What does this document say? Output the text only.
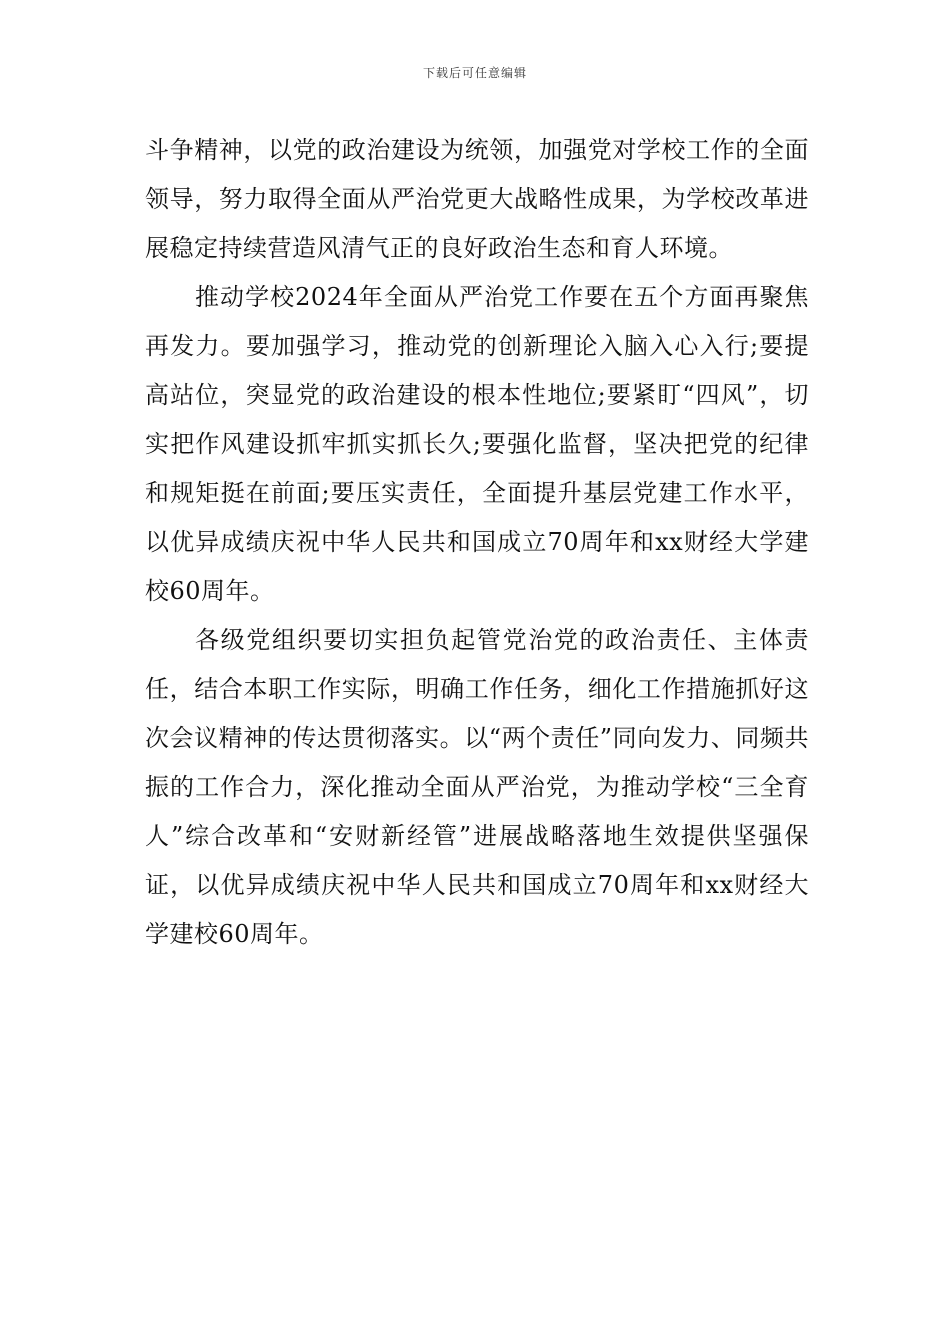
下载后可任意编辑

斗争精神，以党的政治建设为统领，加强党对学校工作的全面领导，努力取得全面从严治党更大战略性成果，为学校改革进展稳定持续营造风清气正的良好政治生态和育人环境。

推动学校2024年全面从严治党工作要在五个方面再聚焦再发力。要加强学习，推动党的创新理论入脑入心入行;要提高站位，突显党的政治建设的根本性地位;要紧盯“四风”，切实把作风建设抓牢抓实抓长久;要强化监督，坚决把党的纪律和规矩挺在前面;要压实责任，全面提升基层党建工作水平，以优异成绩庆祝中华人民共和国成立70周年和xx财经大学建校60周年。

各级党组织要切实担负起管党治党的政治责任、主体责任，结合本职工作实际，明确工作任务，细化工作措施抓好这次会议精神的传达贯彻落实。以“两个责任”同向发力、同频共振的工作合力，深化推动全面从严治党，为推动学校“三全育人”综合改革和“安财新经管”进展战略落地生效提供坚强保证，以优异成绩庆祝中华人民共和国成立70周年和xx财经大学建校60周年。
